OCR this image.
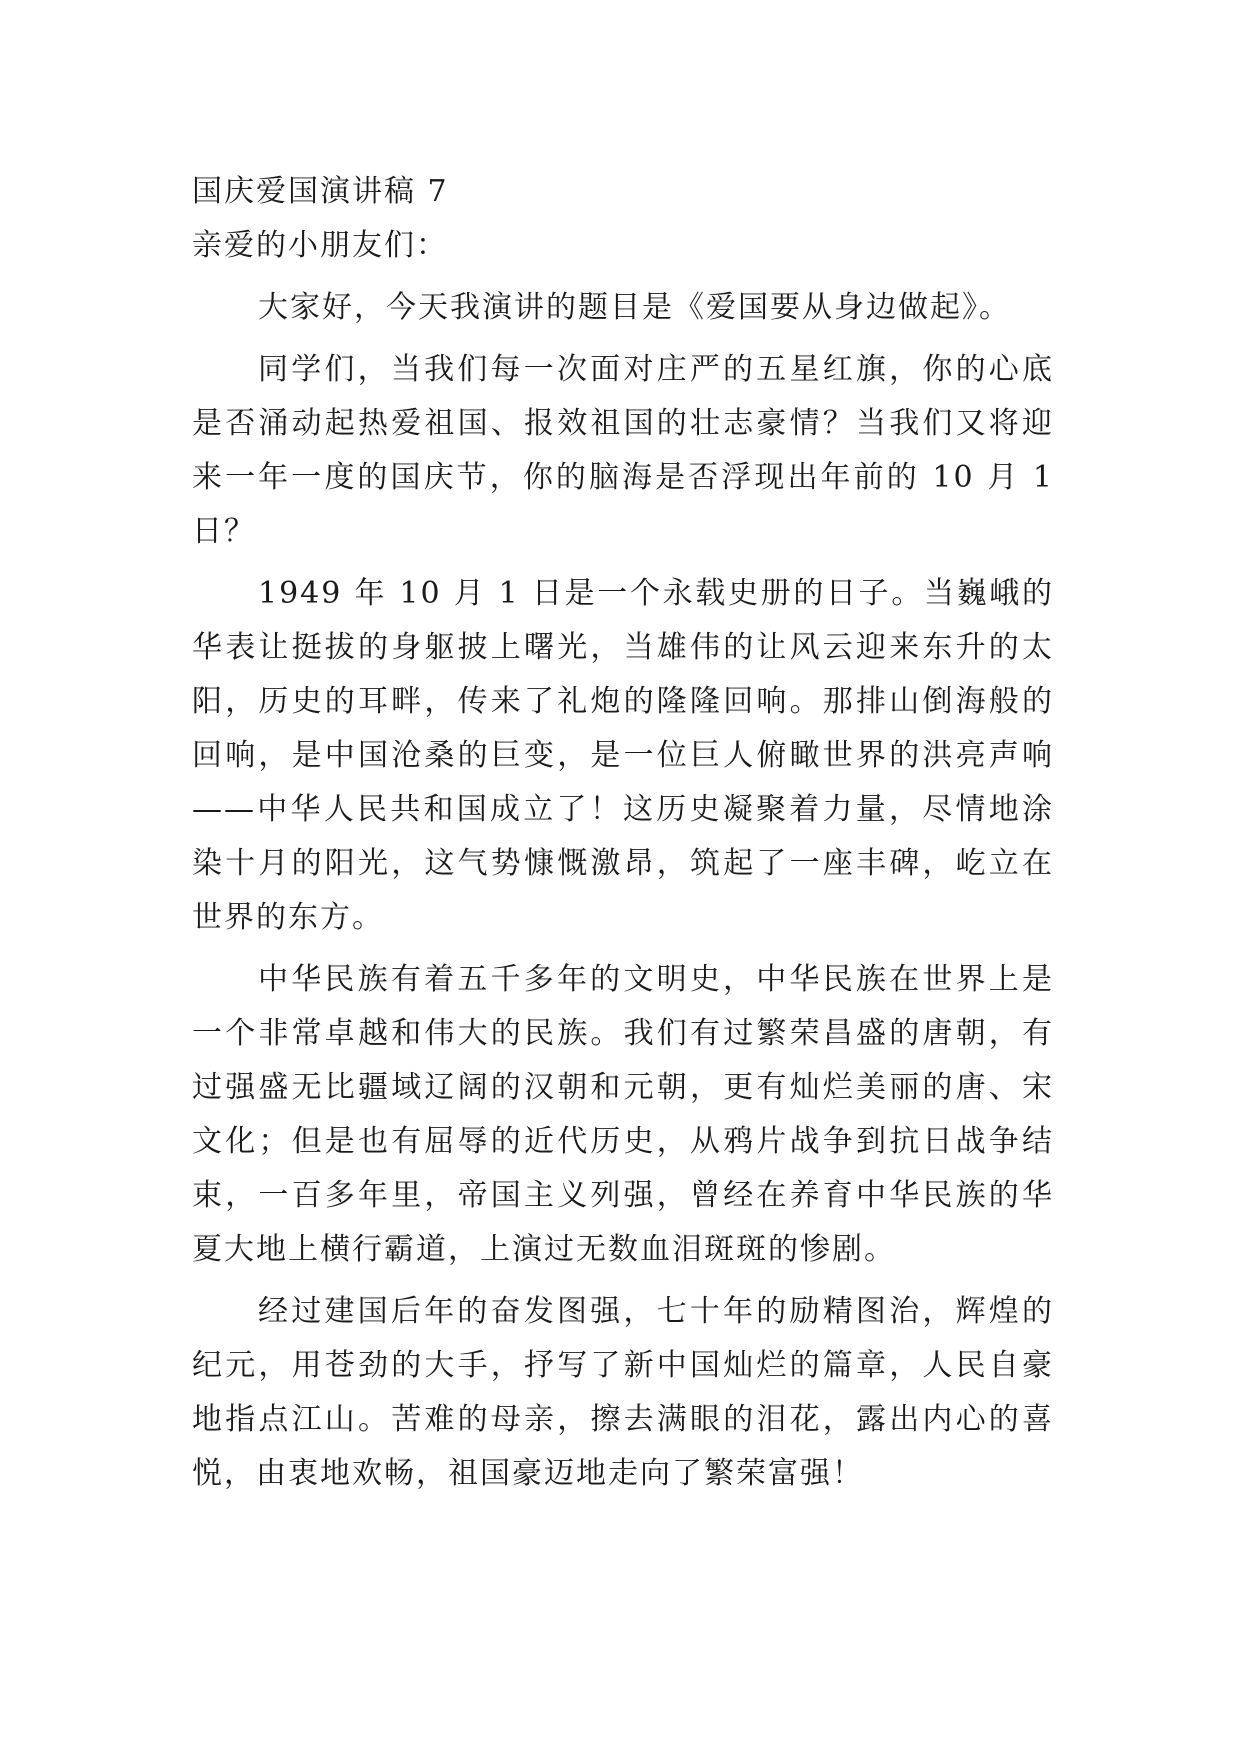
国庆爱国演讲稿 7

亲爱的小朋友们：

大家好，今天我演讲的题目是《爱国要从身边做起》。

同学们，当我们每一次面对庄严的五星红旗，你的心底是否涌动起热爱祖国、报效祖国的壮志豪情？当我们又将迎来一年一度的国庆节，你的脑海是否浮现出年前的 10 月 1 日？

1949 年 10 月 1 日是一个永载史册的日子。当巍峨的华表让挺拔的身躯披上曙光，当雄伟的让风云迎来东升的太阳，历史的耳畔，传来了礼炮的隆隆回响。那排山倒海般的回响，是中国沧桑的巨变，是一位巨人俯瞰世界的洪亮声响——中华人民共和国成立了！这历史凝聚着力量，尽情地涂染十月的阳光，这气势慷慨激昂，筑起了一座丰碑，屹立在世界的东方。

中华民族有着五千多年的文明史，中华民族在世界上是一个非常卓越和伟大的民族。我们有过繁荣昌盛的唐朝，有过强盛无比疆域辽阔的汉朝和元朝，更有灿烂美丽的唐、宋文化；但是也有屈辱的近代历史，从鸦片战争到抗日战争结束，一百多年里，帝国主义列强，曾经在养育中华民族的华夏大地上横行霸道，上演过无数血泪斑斑的惨剧。

经过建国后年的奋发图强，七十年的励精图治，辉煌的纪元，用苍劲的大手，抒写了新中国灿烂的篇章，人民自豪地指点江山。苦难的母亲，擦去满眼的泪花，露出内心的喜悦，由衷地欢畅，祖国豪迈地走向了繁荣富强！
